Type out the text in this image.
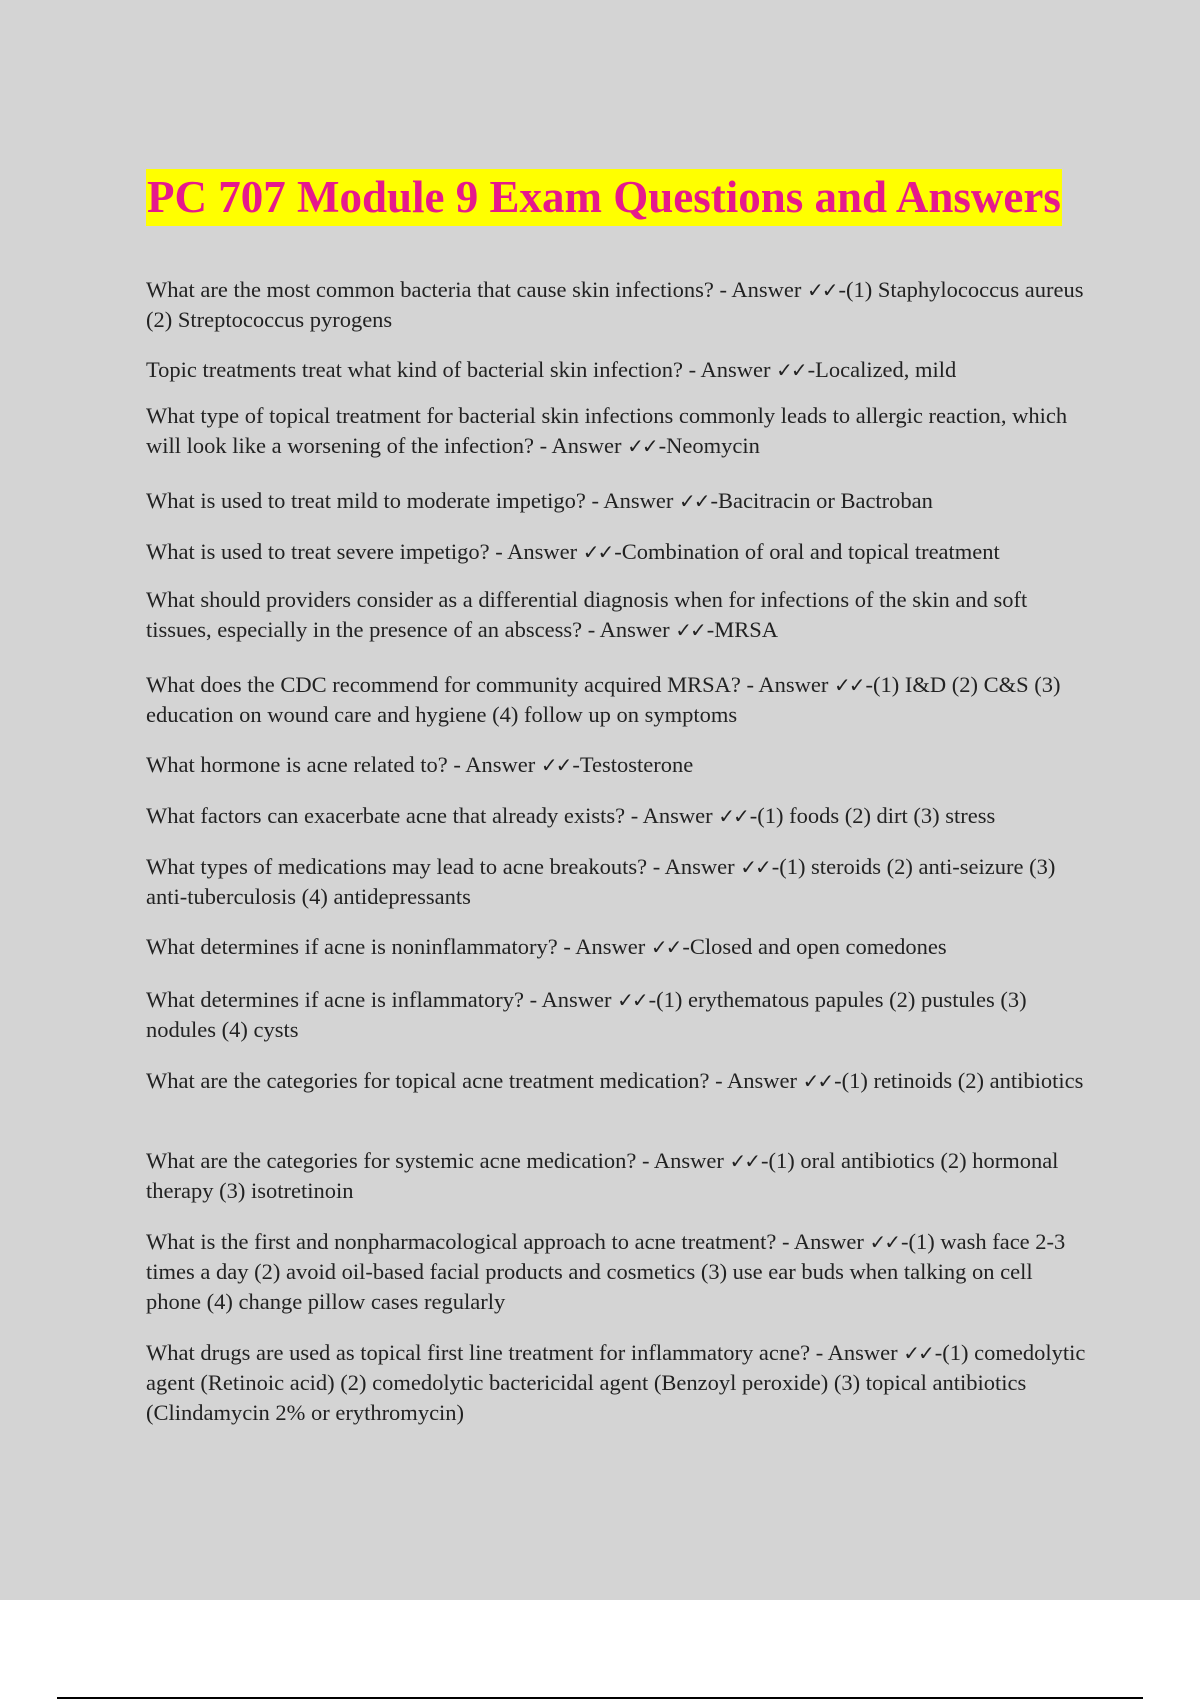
PC 707 Module 9 Exam Questions and Answers

What are the most common bacteria that cause skin infections? - Answer ✓✓-(1) Staphylococcus aureus (2) Streptococcus pyrogens

Topic treatments treat what kind of bacterial skin infection? - Answer ✓✓-Localized, mild

What type of topical treatment for bacterial skin infections commonly leads to allergic reaction, which will look like a worsening of the infection? - Answer ✓✓-Neomycin

What is used to treat mild to moderate impetigo? - Answer ✓✓-Bacitracin or Bactroban

What is used to treat severe impetigo? - Answer ✓✓-Combination of oral and topical treatment

What should providers consider as a differential diagnosis when for infections of the skin and soft tissues, especially in the presence of an abscess? - Answer ✓✓-MRSA

What does the CDC recommend for community acquired MRSA? - Answer ✓✓-(1) I&D (2) C&S (3) education on wound care and hygiene (4) follow up on symptoms

What hormone is acne related to? - Answer ✓✓-Testosterone

What factors can exacerbate acne that already exists? - Answer ✓✓-(1) foods (2) dirt (3) stress

What types of medications may lead to acne breakouts? - Answer ✓✓-(1) steroids (2) anti-seizure (3) anti-tuberculosis (4) antidepressants

What determines if acne is noninflammatory? - Answer ✓✓-Closed and open comedones

What determines if acne is inflammatory? - Answer ✓✓-(1) erythematous papules (2) pustules (3) nodules (4) cysts

What are the categories for topical acne treatment medication? - Answer ✓✓-(1) retinoids (2) antibiotics

What are the categories for systemic acne medication? - Answer ✓✓-(1) oral antibiotics (2) hormonal therapy (3) isotretinoin

What is the first and nonpharmacological approach to acne treatment? - Answer ✓✓-(1) wash face 2-3 times a day (2) avoid oil-based facial products and cosmetics (3) use ear buds when talking on cell phone (4) change pillow cases regularly

What drugs are used as topical first line treatment for inflammatory acne? - Answer ✓✓-(1) comedolytic agent (Retinoic acid) (2) comedolytic bactericidal agent (Benzoyl peroxide) (3) topical antibiotics (Clindamycin 2% or erythromycin)
